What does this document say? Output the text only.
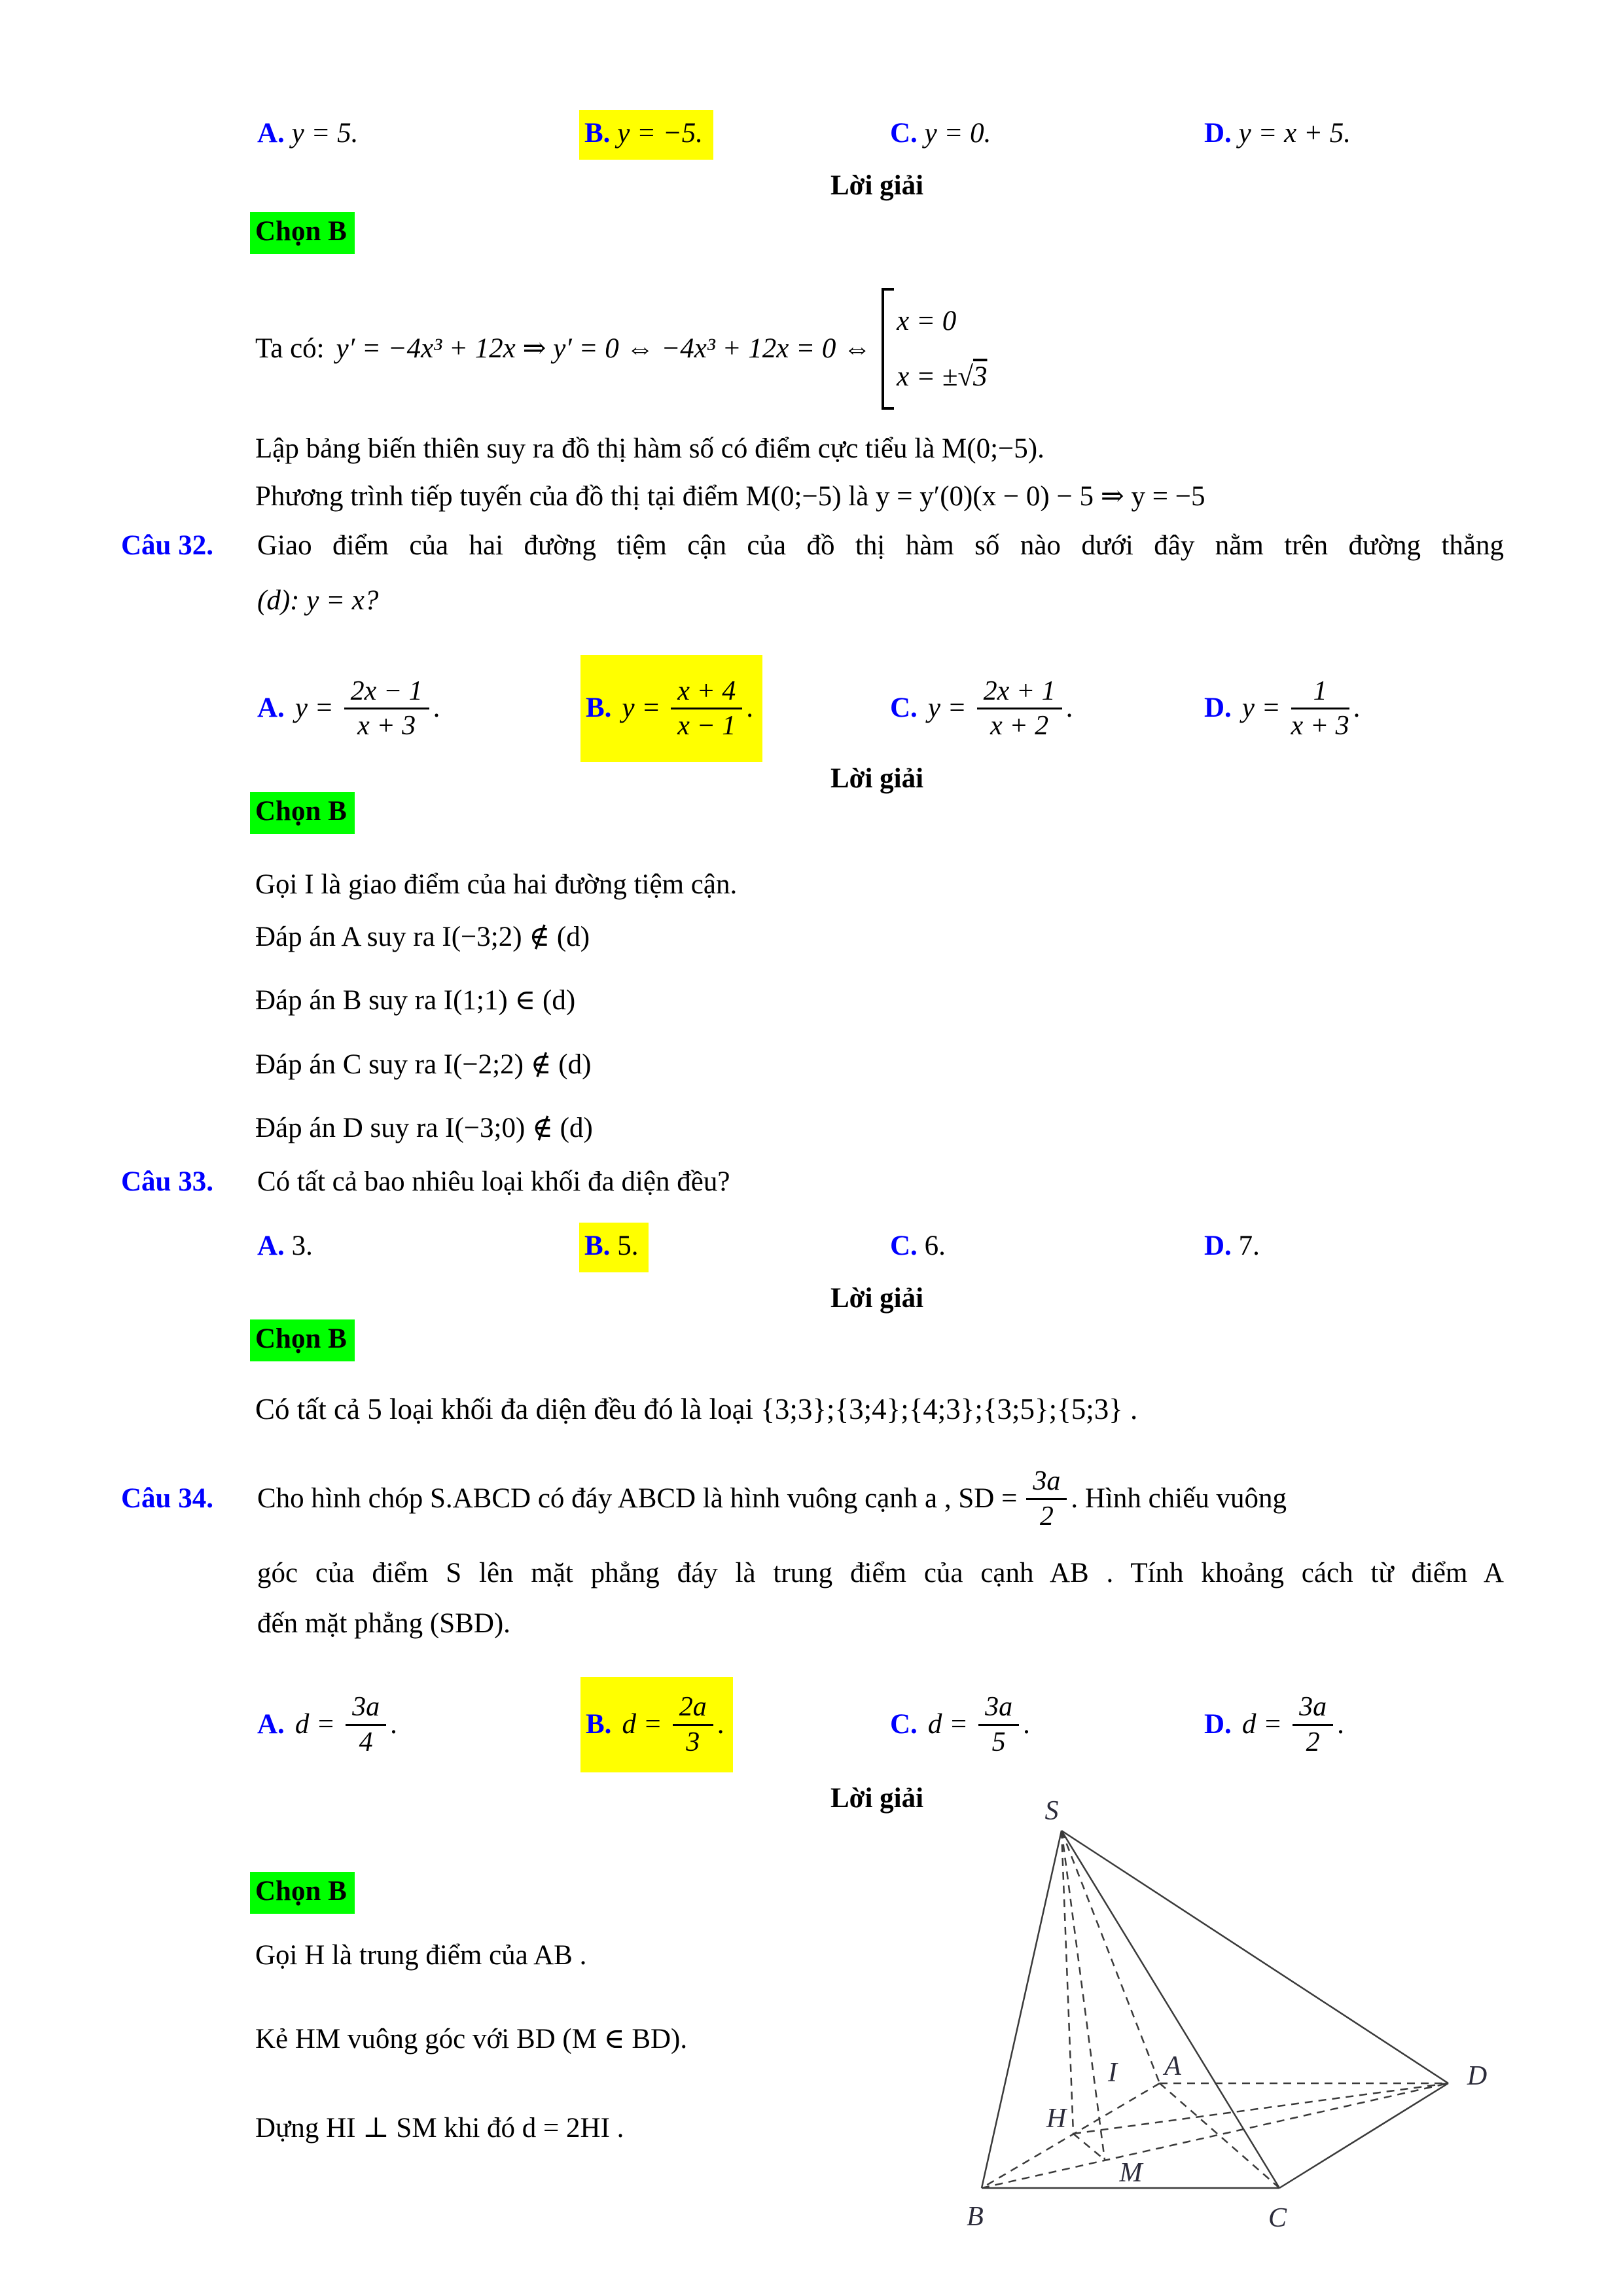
A. y = 5.	B. y = −5.	C. y = 0.	D. y = x + 5.
Lời giải
Chọn B
Ta có: y′ = −4x³ + 12x ⇒ y′ = 0 ⇔ −4x³ + 12x = 0 ⇔
x = 0
x = ±√3
Lập bảng biến thiên suy ra đồ thị hàm số có điểm cực tiểu là M(0;−5).
Phương trình tiếp tuyến của đồ thị tại điểm M(0;−5) là y = y′(0)(x − 0) − 5 ⇒ y = −5
Câu 32. Giao điểm của hai đường tiệm cận của đồ thị hàm số nào dưới đây nằm trên đường thẳng
(d): y = x?
A. $y = \frac{2x - 1}{x + 3}$ .	B. $y = \frac{x + 4}{x - 1}$ .	C. $y = \frac{2x + 1}{x + 2}$ .	D. $y = \frac{1}{x + 3}$ .
Lời giải
Chọn B
Gọi I là giao điểm của hai đường tiệm cận.
Đáp án A suy ra I(−3;2) ∉ (d)
Đáp án B suy ra I(1;1) ∈ (d)
Đáp án C suy ra I(−2;2) ∉ (d)
Đáp án D suy ra I(−3;0) ∉ (d)
Câu 33. Có tất cả bao nhiêu loại khối đa diện đều?
A. 3.	B. 5.	C. 6.	D. 7.
Lời giải
Chọn B
Có tất cả 5 loại khối đa diện đều đó là loại {3;3};{3;4};{4;3};{3;5};{5;3} .
Câu 34. Cho hình chóp S.ABCD có đáy ABCD là hình vuông cạnh a , SD = $\frac{3a}{2}$ . Hình chiếu vuông
góc của điểm S lên mặt phẳng đáy là trung điểm của cạnh AB . Tính khoảng cách từ điểm A
đến mặt phẳng (SBD).
A. $d = \frac{3a}{4}$ .	B. $d = \frac{2a}{3}$ .	C. $d = \frac{3a}{5}$ .	D. $d = \frac{3a}{2}$ .
Lời giải
Chọn B
Gọi H là trung điểm của AB .
Kẻ HM vuông góc với BD (M ∈ BD).
Dựng HI ⊥ SM khi đó d = 2HI .
S
A
B	C
D
H
I
M
